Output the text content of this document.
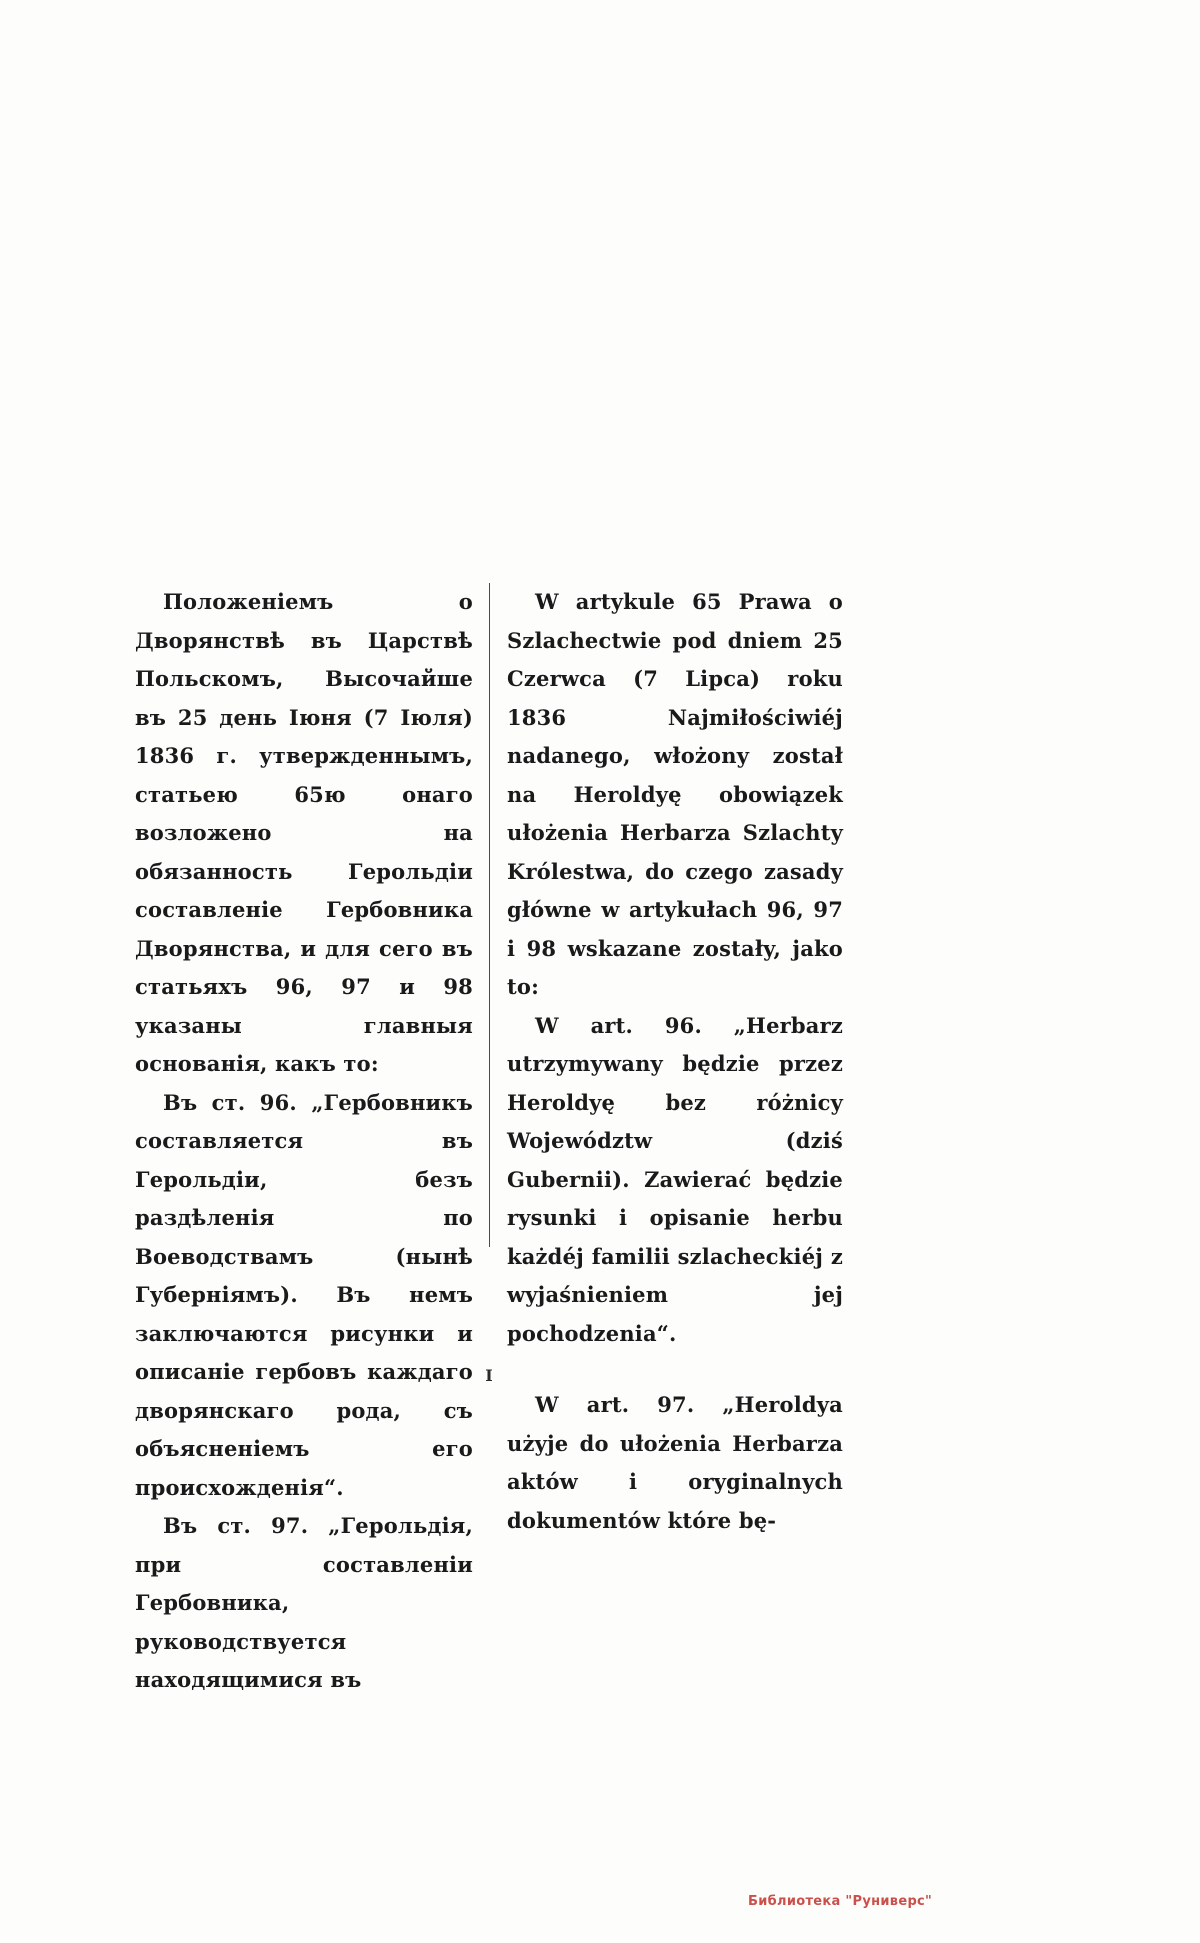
Положеніемъ о Дворянствѣ въ Царствѣ Польскомъ, Высочайше въ 25 день Іюня (7 Іюля) 1836 г. утвержденнымъ, статьею 65ю онаго возложено на обязанность Герольдіи составленіе Гербовника Дворянства, и для сего въ статьяхъ 96, 97 и 98 указаны главныя основанія, какъ то:

Въ ст. 96. „Гербовникъ составляется въ Герольдіи, безъ раздѣленія по Воеводствамъ (нынѣ Губерніямъ). Въ немъ заключаются рисунки и описаніе гербовъ каждаго дворянскаго рода, съ объясненіемъ его происхожденія“.

Въ ст. 97. „Герольдія, при составленіи Гербовника, руководствуется находящимися въ

W artykule 65 Prawa o Szlachectwie pod dniem 25 Czerwca (7 Lipca) roku 1836 Najmiłościwiéj nadanego, włożony został na Heroldyę obowiązek ułożenia Herbarza Szlachty Królestwa, do czego zasady główne w artykułach 96, 97 i 98 wskazane zostały, jako to:

W art. 96. „Herbarz utrzymywany będzie przez Heroldyę bez różnicy Województw (dziś Gubernii). Zawierać będzie rysunki i opisanie herbu każdéj familii szlacheckiéj z wyjaśnieniem jej pochodzenia“.

W art. 97. „Heroldya użyje do ułożenia Herbarza aktów i oryginalnych dokumentów które bę-

I
Библиотека "Руниверс"
